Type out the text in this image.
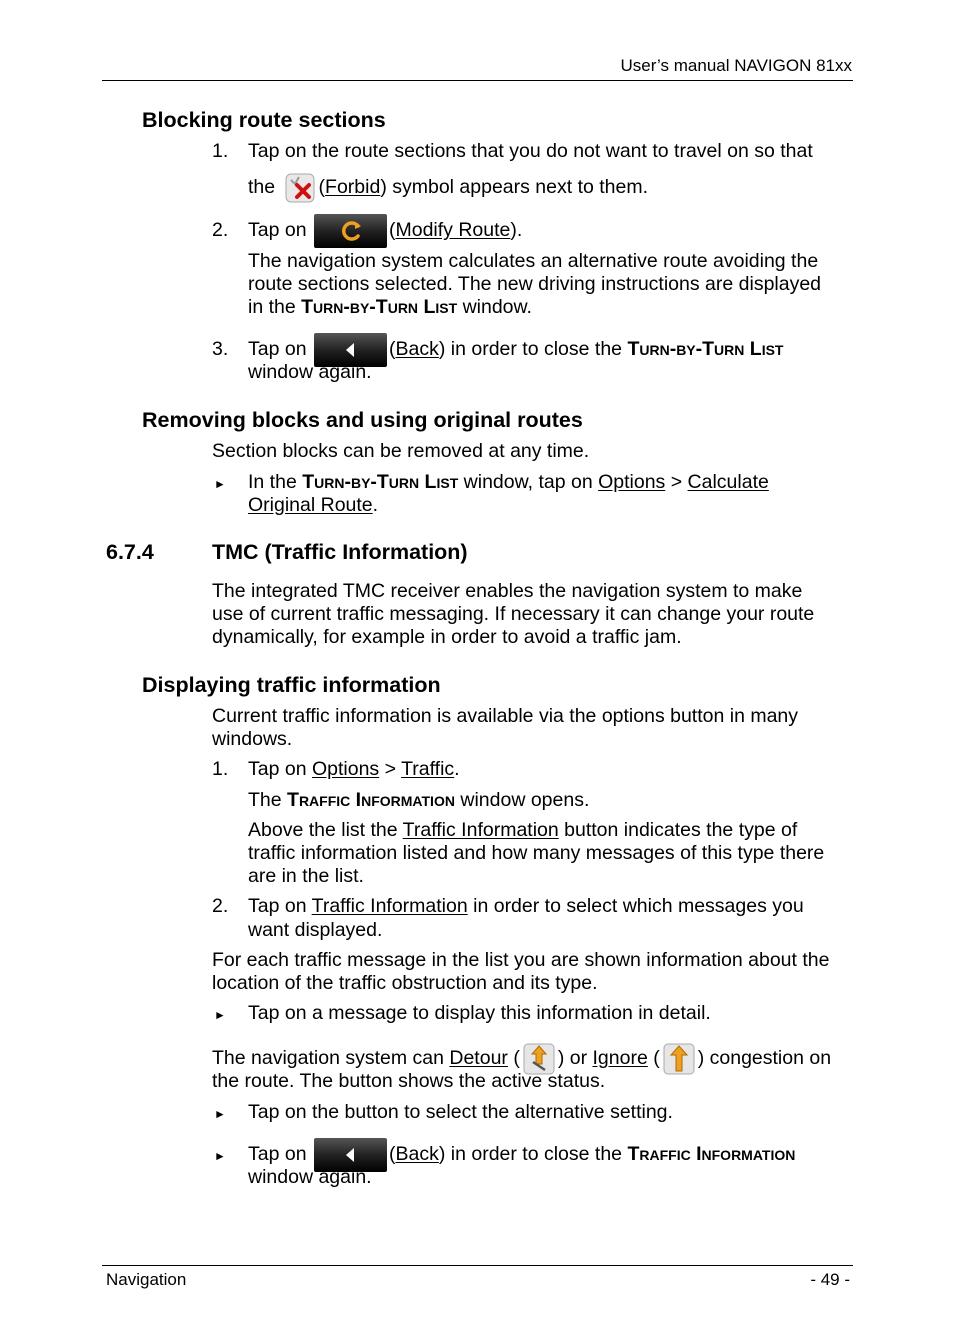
User’s manual NAVIGON 81xx
Blocking route sections
1. Tap on the route sections that you do not want to travel on so that
the (Forbid) symbol appears next to them.
2. Tap on	(Modify Route).
The navigation system calculates an alternative route avoiding the
route sections selected. The new driving instructions are displayed
in the Turn-by-Turn List window.
3. Tap on	(Back) in order to close the Turn-by-Turn List
window again.
Removing blocks and using original routes
Section blocks can be removed at any time.
► In the Turn-by-Turn List window, tap on Options > Calculate
Original Route.
6.7.4	TMC (Traffic Information)
The integrated TMC receiver enables the navigation system to make
use of current traffic messaging. If necessary it can change your route
dynamically, for example in order to avoid a traffic jam.
Displaying traffic information
Current traffic information is available via the options button in many
windows.
1. Tap on Options > Traffic.
The Traffic Information window opens.
Above the list the Traffic Information button indicates the type of
traffic information listed and how many messages of this type there
are in the list.
2. Tap on Traffic Information in order to select which messages you
want displayed.
For each traffic message in the list you are shown information about the
location of the traffic obstruction and its type.
► Tap on a message to display this information in detail.
The navigation system can Detour ( ) or Ignore ( ) congestion on
the route. The button shows the active status.
► Tap on the button to select the alternative setting.
► Tap on	(Back) in order to close the Traffic Information
window again.
Navigation	- 49 -
